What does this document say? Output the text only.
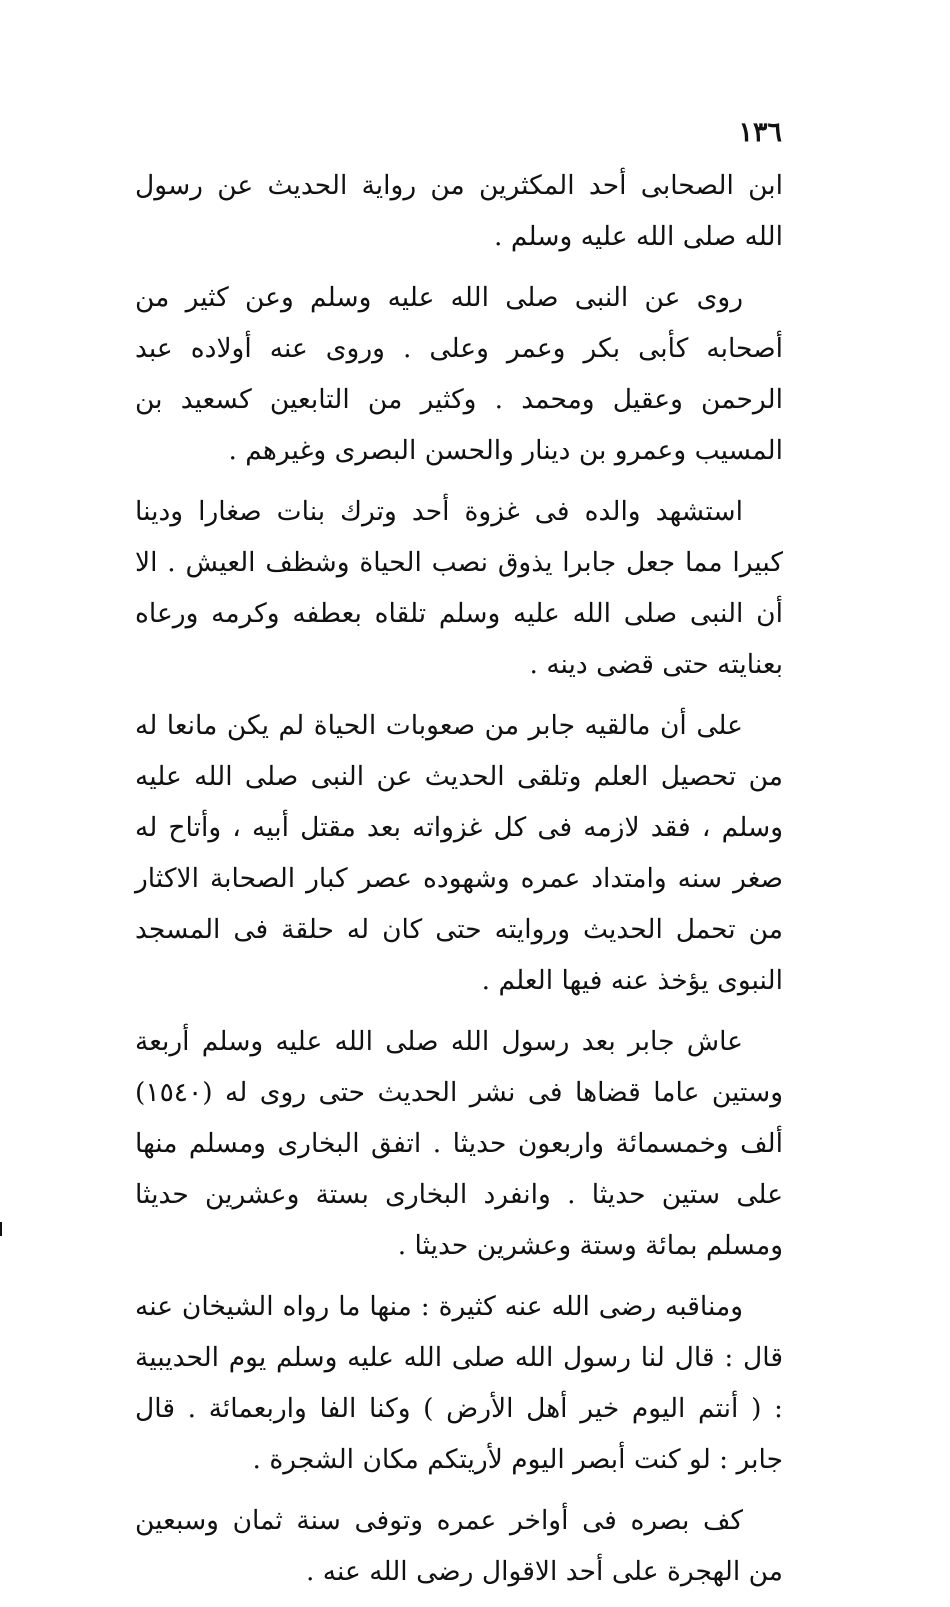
١٣٦

ابن الصحابى أحد المكثرين من رواية الحديث عن رسول الله صلى الله عليه وسلم .

روى عن النبى صلى الله عليه وسلم وعن كثير من أصحابه كأبى بكر وعمر وعلى . وروى عنه أولاده عبد الرحمن وعقيل ومحمد . وكثير من التابعين كسعيد بن المسيب وعمرو بن دينار والحسن البصرى وغيرهم .

استشهد والده فى غزوة أحد وترك بنات صغارا ودينا كبيرا مما جعل جابرا يذوق نصب الحياة وشظف العيش . الا أن النبى صلى الله عليه وسلم تلقاه بعطفه وكرمه ورعاه بعنايته حتى قضى دينه .

على أن مالقيه جابر من صعوبات الحياة لم يكن مانعا له من تحصيل العلم وتلقى الحديث عن النبى صلى الله عليه وسلم ، فقد لازمه فى كل غزواته بعد مقتل أبيه ، وأتاح له صغر سنه وامتداد عمره وشهوده عصر كبار الصحابة الاكثار من تحمل الحديث وروايته حتى كان له حلقة فى المسجد النبوى يؤخذ عنه فيها العلم .

عاش جابر بعد رسول الله صلى الله عليه وسلم أربعة وستين عاما قضاها فى نشر الحديث حتى روى له (١٥٤٠) ألف وخمسمائة واربعون حديثا . اتفق البخارى ومسلم منها على ستين حديثا . وانفرد البخارى بستة وعشرين حديثا ومسلم بمائة وستة وعشرين حديثا .

ومناقبه رضى الله عنه كثيرة : منها ما رواه الشيخان عنه قال : قال لنا رسول الله صلى الله عليه وسلم يوم الحديبية : ( أنتم اليوم خير أهل الأرض ) وكنا الفا واربعمائة . قال جابر : لو كنت أبصر اليوم لأريتكم مكان الشجرة .

كف بصره فى أواخر عمره وتوفى سنة ثمان وسبعين من الهجرة على أحد الاقوال رضى الله عنه .
